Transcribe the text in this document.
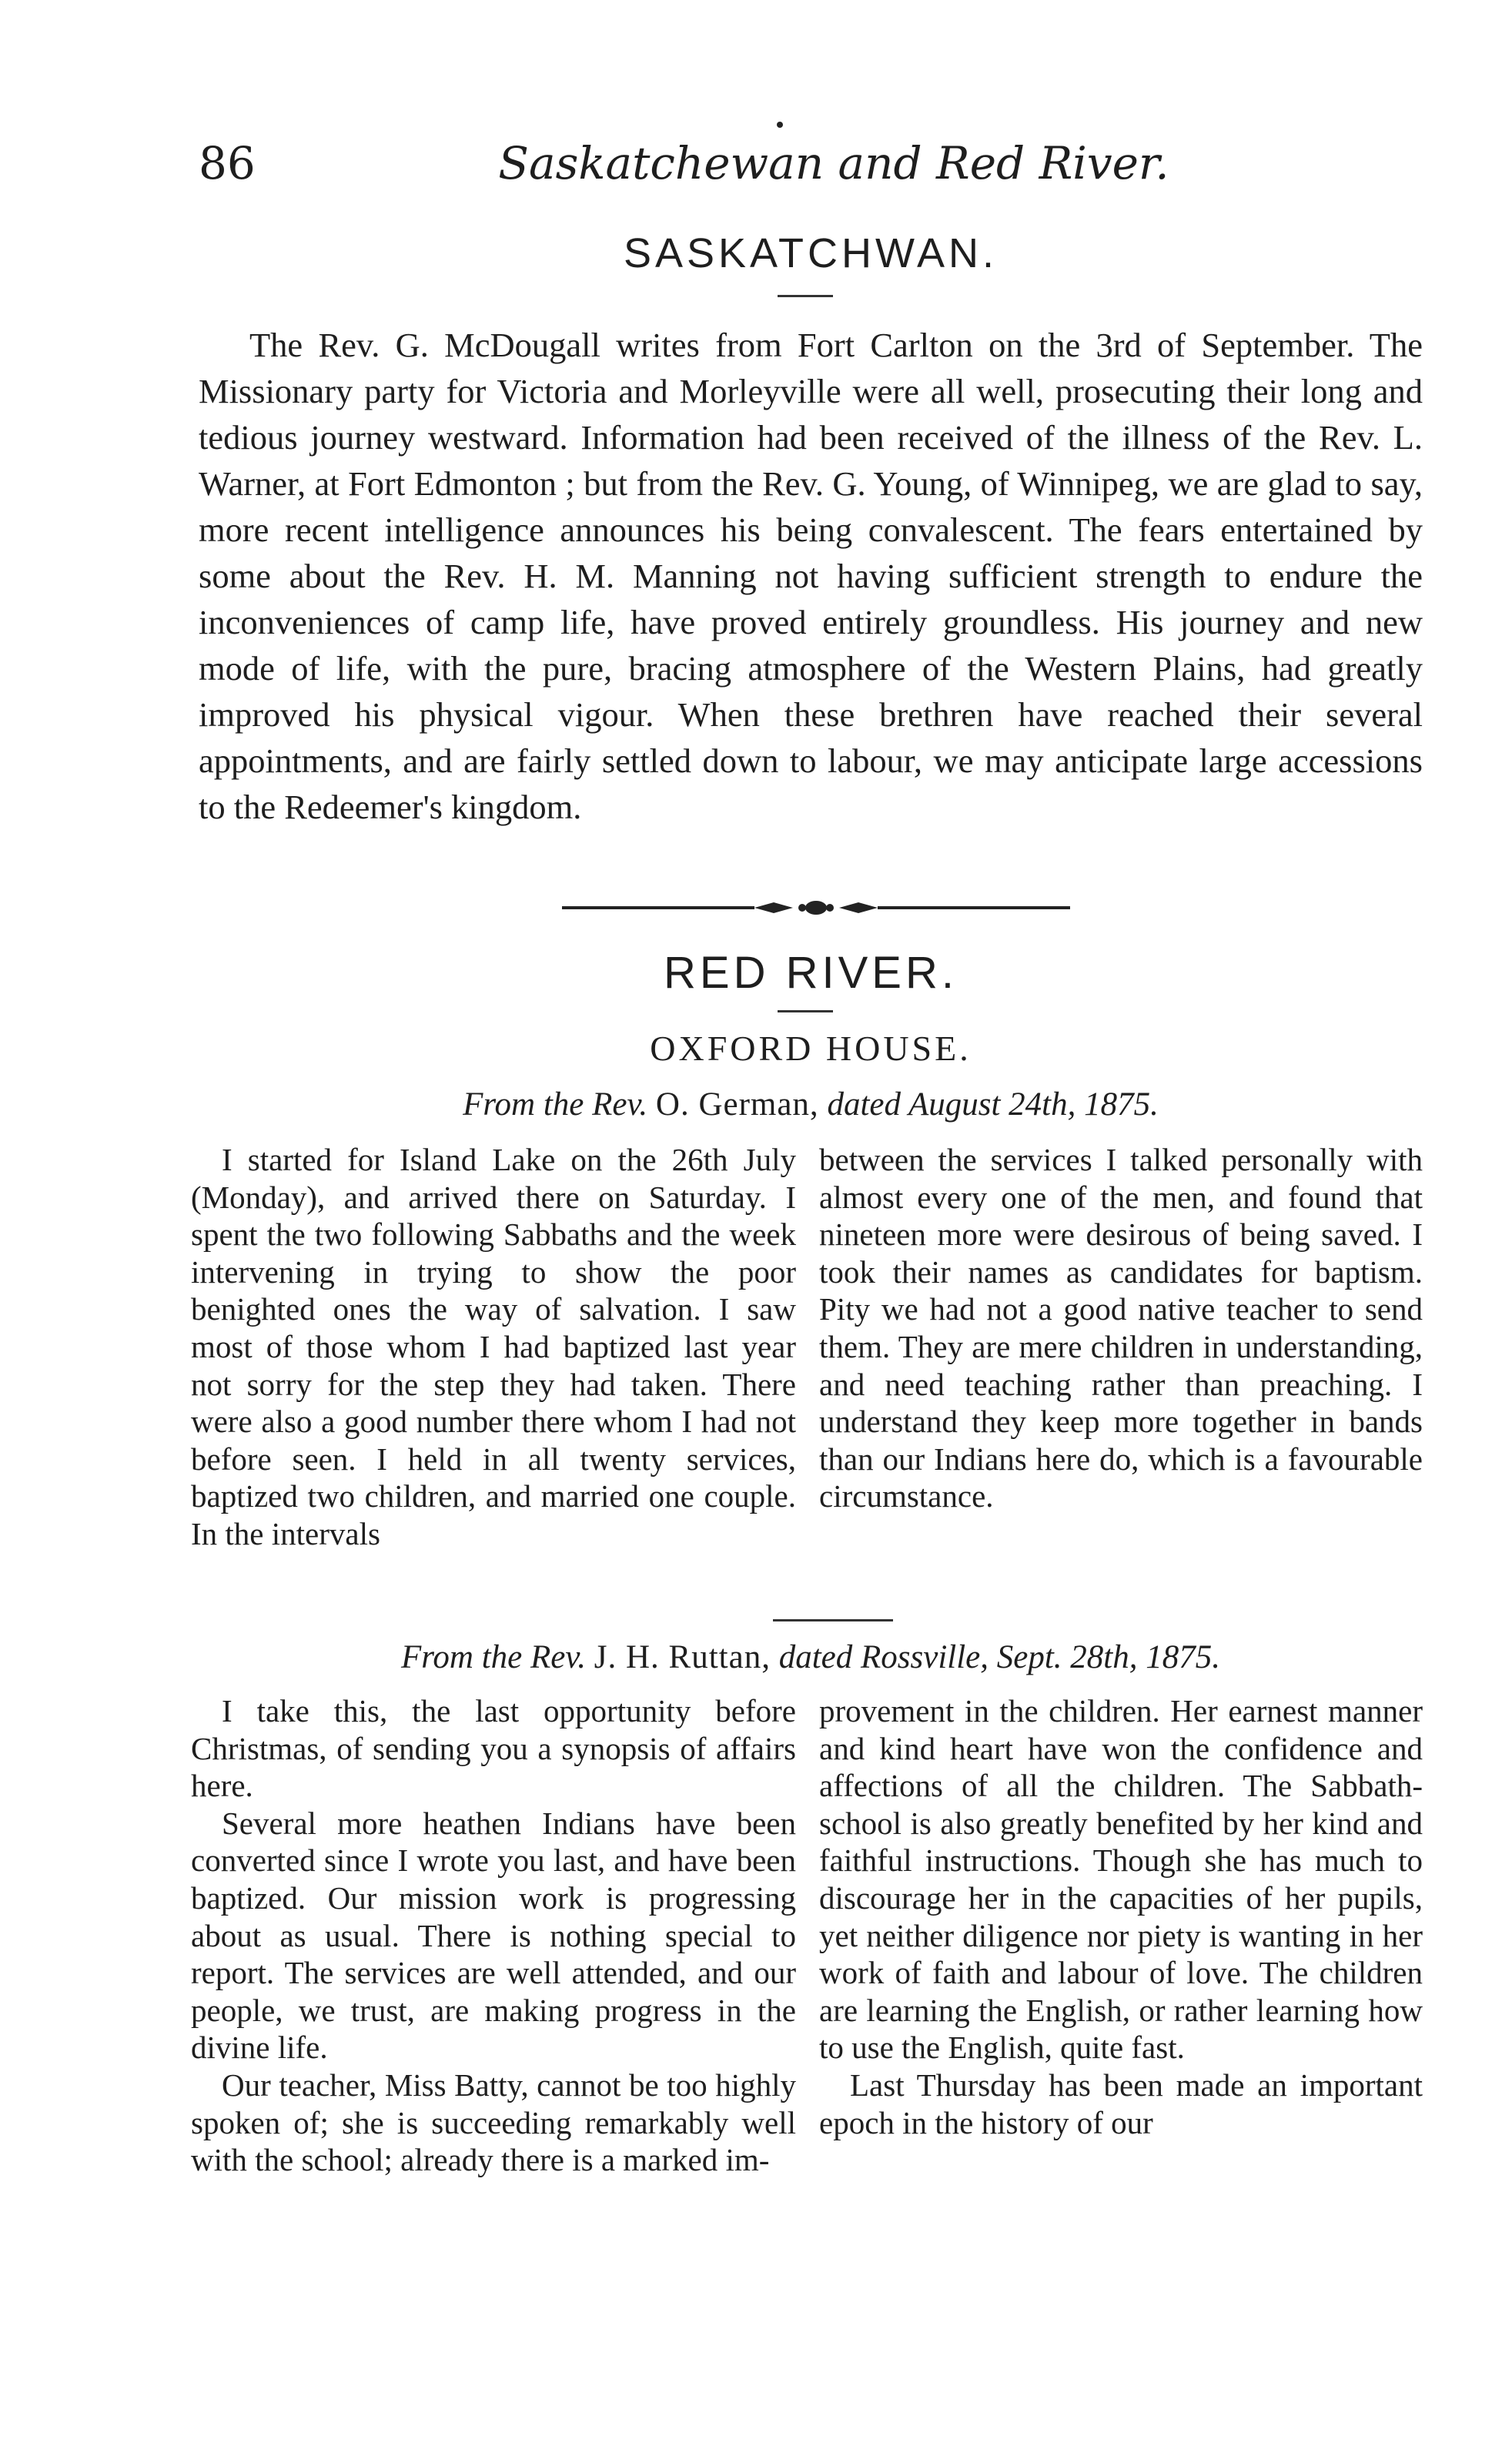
86	Saskatchewan and Red River.
SASKATCHWAN.

The Rev. G. McDougall writes from Fort Carlton on the 3rd of September. The Missionary party for Victoria and Morleyville were all well, prosecuting their long and tedious journey westward. Information had been received of the illness of the Rev. L. Warner, at Fort Edmonton ; but from the Rev. G. Young, of Winnipeg, we are glad to say, more recent intelligence announces his being convalescent. The fears entertained by some about the Rev. H. M. Manning not having sufficient strength to endure the inconveniences of camp life, have proved entirely groundless. His journey and new mode of life, with the pure, bracing atmosphere of the Western Plains, had greatly improved his physical vigour. When these brethren have reached their several appointments, and are fairly settled down to labour, we may anticipate large accessions to the Redeemer's kingdom.

RED RIVER.
OXFORD HOUSE.
From the Rev. O. German, dated August 24th, 1875.

I started for Island Lake on the 26th July (Monday), and arrived there on Saturday. I spent the two following Sabbaths and the week intervening in trying to show the poor benighted ones the way of salvation. I saw most of those whom I had baptized last year not sorry for the step they had taken. There were also a good number there whom I had not before seen. I held in all twenty services, baptized two children, and married one couple. In the intervals

between the services I talked personally with almost every one of the men, and found that nineteen more were desirous of being saved. I took their names as candidates for baptism. Pity we had not a good native teacher to send them. They are mere children in understanding, and need teaching rather than preaching. I understand they keep more together in bands than our Indians here do, which is a favourable circumstance.

From the Rev. J. H. Ruttan, dated Rossville, Sept. 28th, 1875.

I take this, the last opportunity before Christmas, of sending you a synopsis of affairs here.

Several more heathen Indians have been converted since I wrote you last, and have been baptized. Our mission work is progressing about as usual. There is nothing special to report. The services are well attended, and our people, we trust, are making progress in the divine life.

Our teacher, Miss Batty, cannot be too highly spoken of; she is succeeding remarkably well with the school; already there is a marked im-

provement in the children. Her earnest manner and kind heart have won the confidence and affections of all the children. The Sabbath-school is also greatly benefited by her kind and faithful instructions. Though she has much to discourage her in the capacities of her pupils, yet neither diligence nor piety is wanting in her work of faith and labour of love. The children are learning the English, or rather learning how to use the English, quite fast.

Last Thursday has been made an important epoch in the history of our
